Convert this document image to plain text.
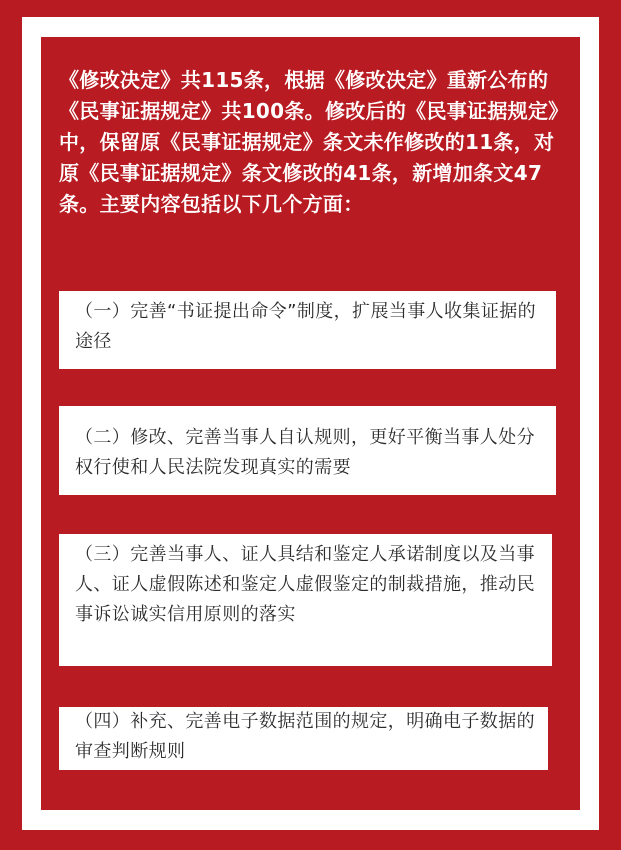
《修改决定》共115条，根据《修改决定》重新公布的《民事证据规定》共100条。修改后的《民事证据规定》中，保留原《民事证据规定》条文未作修改的11条，对原《民事证据规定》条文修改的41条，新增加条文47条。主要内容包括以下几个方面：

（一）完善“书证提出命令”制度，扩展当事人收集证据的途径
（二）修改、完善当事人自认规则，更好平衡当事人处分权行使和人民法院发现真实的需要
（三）完善当事人、证人具结和鉴定人承诺制度以及当事人、证人虚假陈述和鉴定人虚假鉴定的制裁措施，推动民事诉讼诚实信用原则的落实
（四）补充、完善电子数据范围的规定，明确电子数据的审查判断规则
